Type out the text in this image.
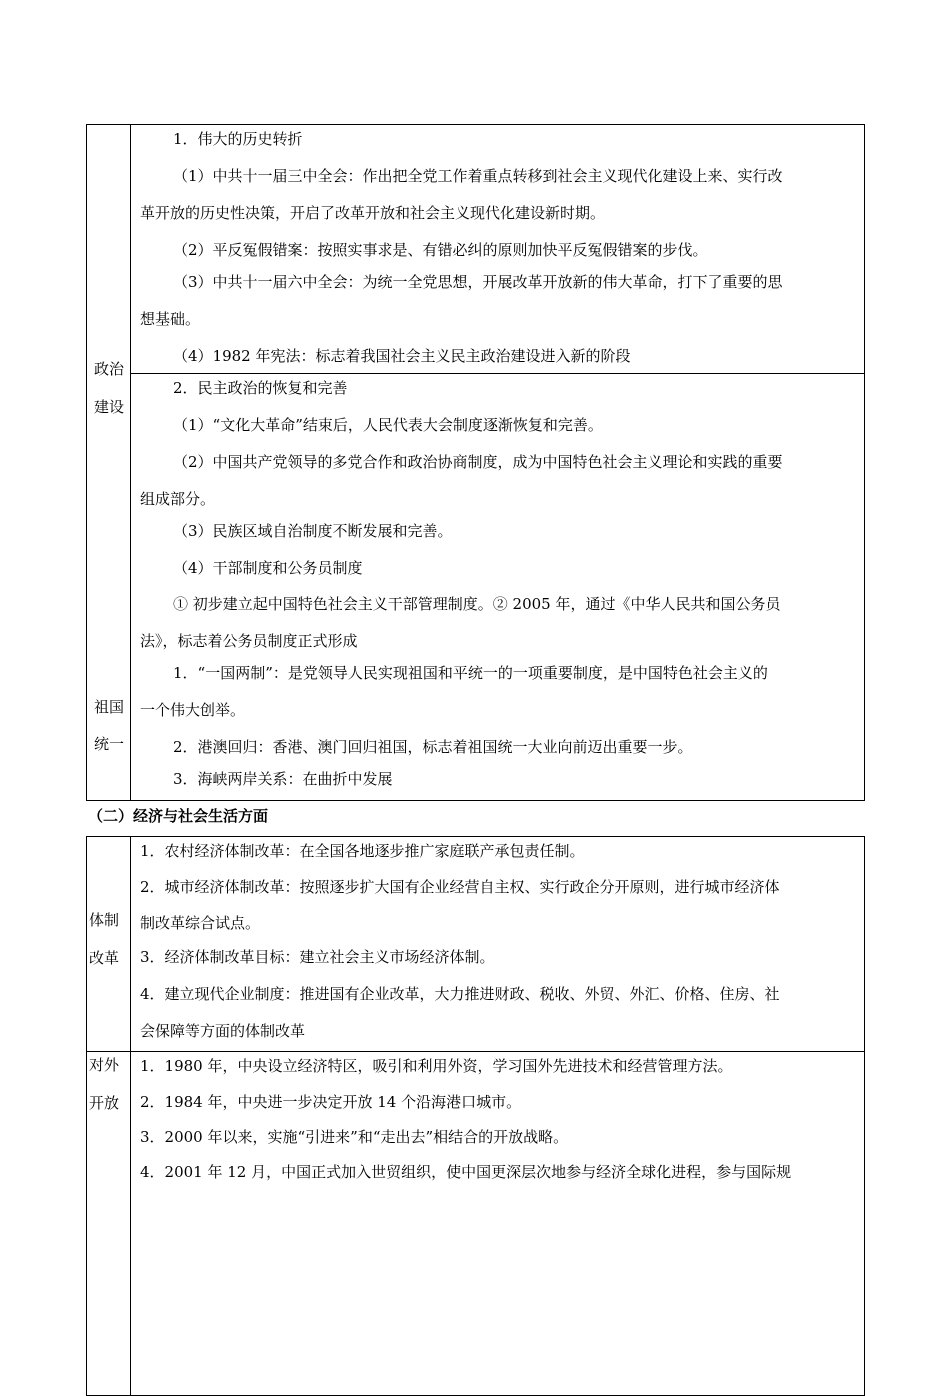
政治
建设
祖国
统一
1．伟大的历史转折
（1）中共十一届三中全会：作出把全党工作着重点转移到社会主义现代化建设上来、实行改
革开放的历史性决策，开启了改革开放和社会主义现代化建设新时期。
（2）平反冤假错案：按照实事求是、有错必纠的原则加快平反冤假错案的步伐。
（3）中共十一届六中全会：为统一全党思想，开展改革开放新的伟大革命，打下了重要的思
想基础。
（4）1982 年宪法：标志着我国社会主义民主政治建设进入新的阶段
2．民主政治的恢复和完善
（1）“文化大革命”结束后，人民代表大会制度逐渐恢复和完善。
（2）中国共产党领导的多党合作和政治协商制度，成为中国特色社会主义理论和实践的重要
组成部分。
（3）民族区域自治制度不断发展和完善。
（4）干部制度和公务员制度
① 初步建立起中国特色社会主义干部管理制度。② 2005 年，通过《中华人民共和国公务员
法》，标志着公务员制度正式形成
1．“一国两制”：是党领导人民实现祖国和平统一的一项重要制度，是中国特色社会主义的
一个伟大创举。
2．港澳回归：香港、澳门回归祖国，标志着祖国统一大业向前迈出重要一步。
3．海峡两岸关系：在曲折中发展
（二）经济与社会生活方面
体制
改革
对外
开放
1．农村经济体制改革：在全国各地逐步推广家庭联产承包责任制。
2．城市经济体制改革：按照逐步扩大国有企业经营自主权、实行政企分开原则，进行城市经济体
制改革综合试点。
3．经济体制改革目标：建立社会主义市场经济体制。
4．建立现代企业制度：推进国有企业改革，大力推进财政、税收、外贸、外汇、价格、住房、社
会保障等方面的体制改革
1．1980 年，中央设立经济特区，吸引和利用外资，学习国外先进技术和经营管理方法。
2．1984 年，中央进一步决定开放 14 个沿海港口城市。
3．2000 年以来，实施“引进来”和“走出去”相结合的开放战略。
4．2001 年 12 月，中国正式加入世贸组织，使中国更深层次地参与经济全球化进程，参与国际规
